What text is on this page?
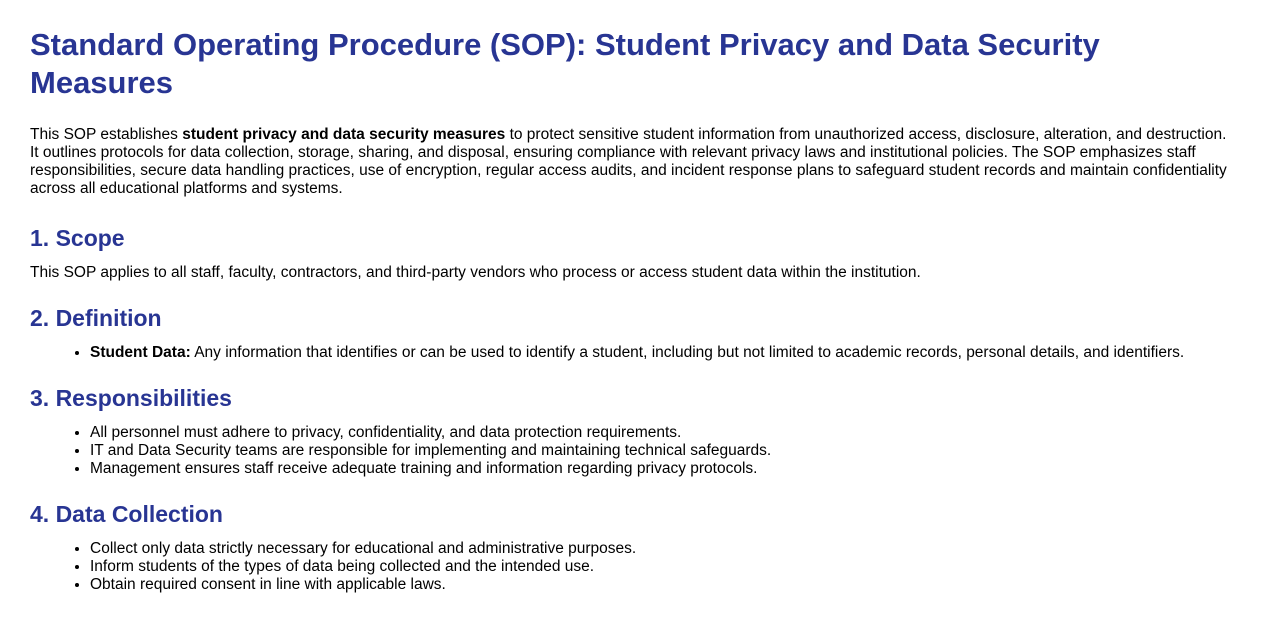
Standard Operating Procedure (SOP): Student Privacy and Data Security Measures

This SOP establishes student privacy and data security measures to protect sensitive student information from unauthorized access, disclosure, alteration, and destruction. It outlines protocols for data collection, storage, sharing, and disposal, ensuring compliance with relevant privacy laws and institutional policies. The SOP emphasizes staff responsibilities, secure data handling practices, use of encryption, regular access audits, and incident response plans to safeguard student records and maintain confidentiality across all educational platforms and systems.

1. Scope

This SOP applies to all staff, faculty, contractors, and third-party vendors who process or access student data within the institution.

2. Definition
• Student Data: Any information that identifies or can be used to identify a student, including but not limited to academic records, personal details, and identifiers.
3. Responsibilities
• All personnel must adhere to privacy, confidentiality, and data protection requirements.
• IT and Data Security teams are responsible for implementing and maintaining technical safeguards.
• Management ensures staff receive adequate training and information regarding privacy protocols.
4. Data Collection
• Collect only data strictly necessary for educational and administrative purposes.
• Inform students of the types of data being collected and the intended use.
• Obtain required consent in line with applicable laws.
